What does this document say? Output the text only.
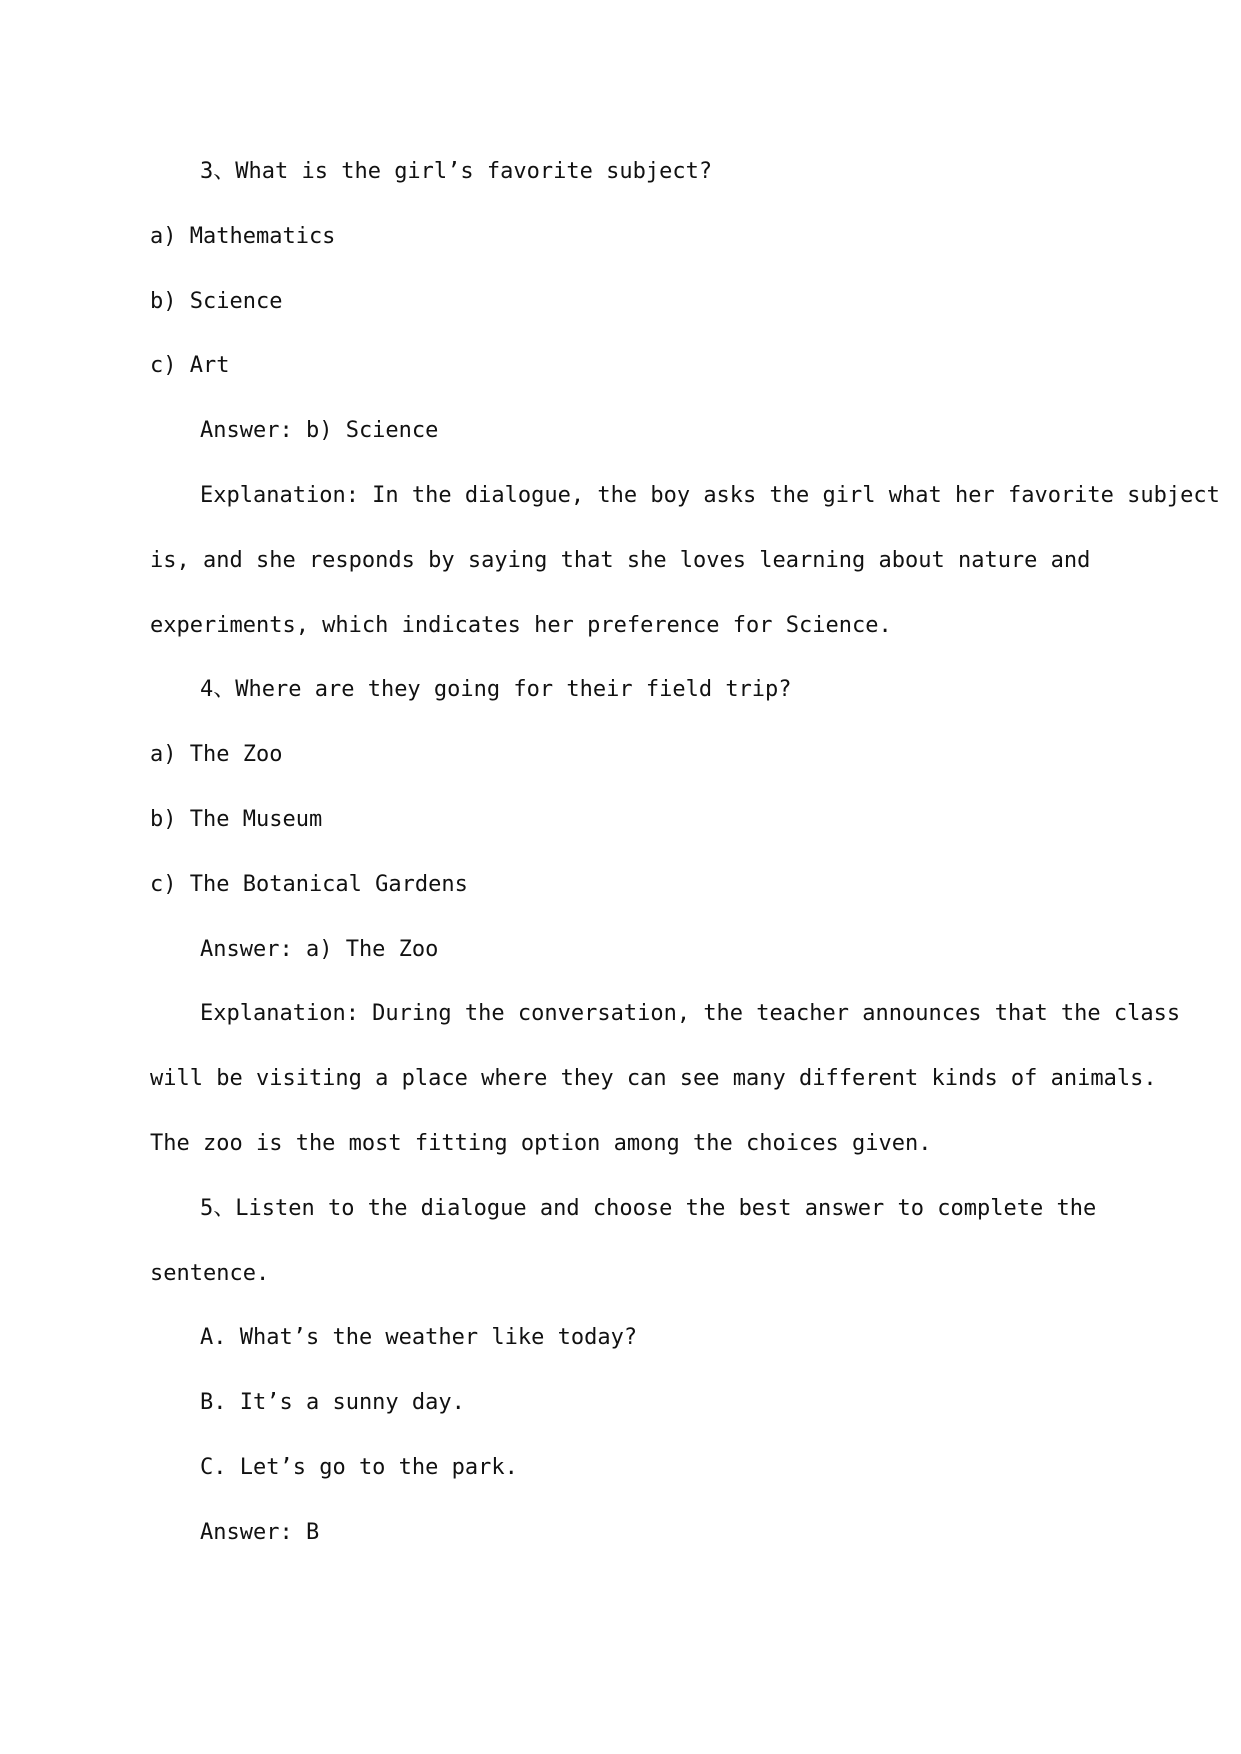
3、What is the girl’s favorite subject?
a) Mathematics
b) Science
c) Art
Answer: b) Science
Explanation: In the dialogue, the boy asks the girl what her favorite subject
is, and she responds by saying that she loves learning about nature and
experiments, which indicates her preference for Science.
4、Where are they going for their field trip?
a) The Zoo
b) The Museum
c) The Botanical Gardens
Answer: a) The Zoo
Explanation: During the conversation, the teacher announces that the class
will be visiting a place where they can see many different kinds of animals.
The zoo is the most fitting option among the choices given.
5、Listen to the dialogue and choose the best answer to complete the
sentence.
A. What’s the weather like today?
B. It’s a sunny day.
C. Let’s go to the park.
Answer: B
